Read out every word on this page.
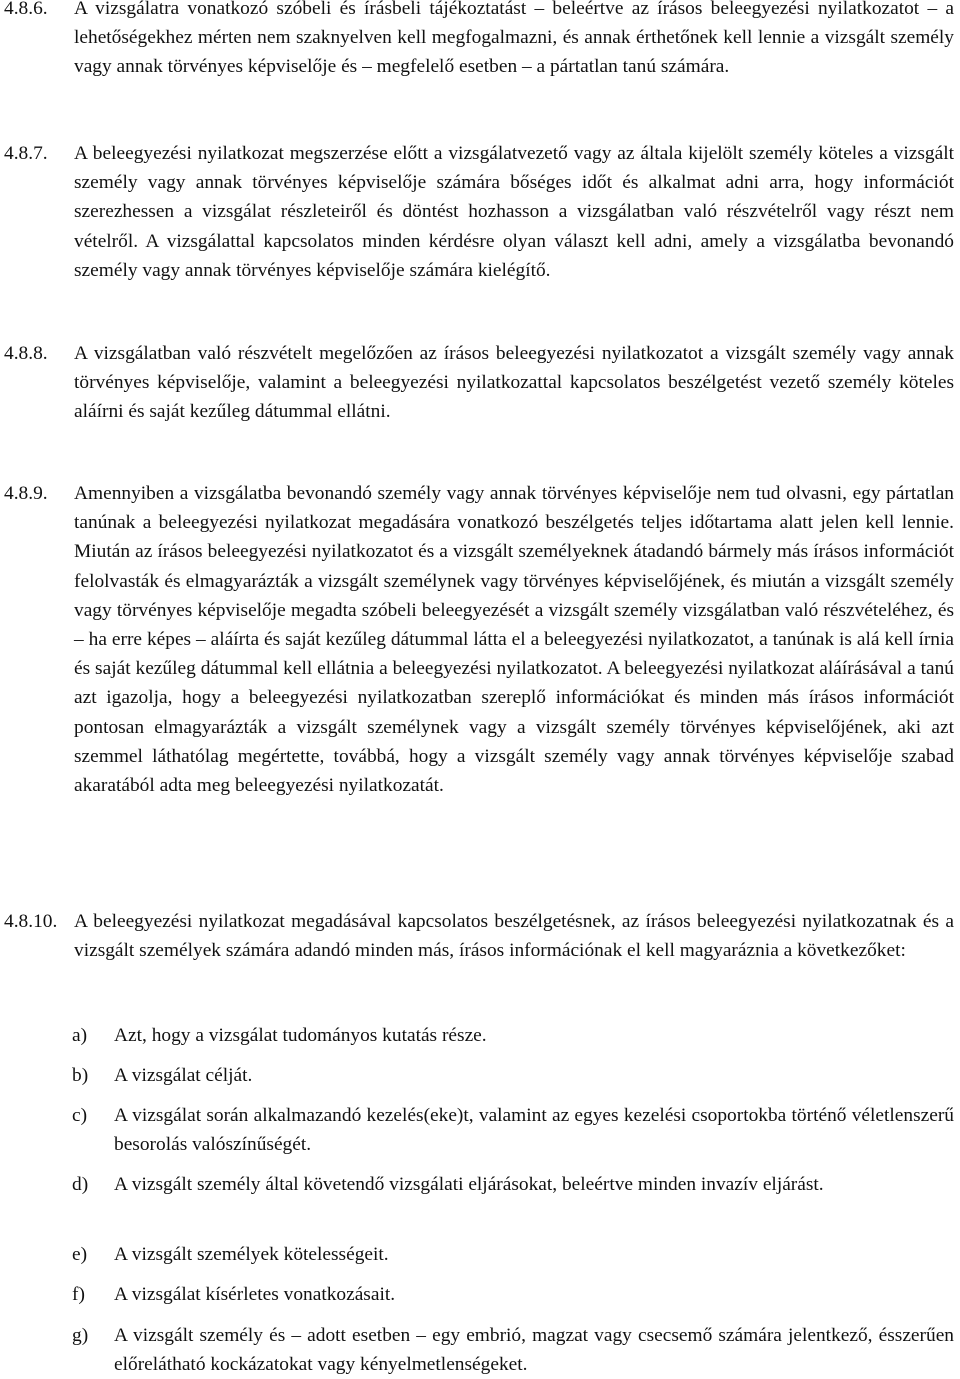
4.8.6. A vizsgálatra vonatkozó szóbeli és írásbeli tájékoztatást – beleértve az írásos beleegyezési nyilatkozatot – a lehetőségekhez mérten nem szaknyelven kell megfogalmazni, és annak érthetőnek kell lennie a vizsgált személy vagy annak törvényes képviselője és – megfelelő esetben – a pártatlan tanú számára.
4.8.7. A beleegyezési nyilatkozat megszerzése előtt a vizsgálatvezető vagy az általa kijelölt személy köteles a vizsgált személy vagy annak törvényes képviselője számára bőséges időt és alkalmat adni arra, hogy információt szerezhessen a vizsgálat részleteiről és döntést hozhasson a vizsgálatban való részvételről vagy részt nem vételről. A vizsgálattal kapcsolatos minden kérdésre olyan választ kell adni, amely a vizsgálatba bevonandó személy vagy annak törvényes képviselője számára kielégítő.
4.8.8. A vizsgálatban való részvételt megelőzően az írásos beleegyezési nyilatkozatot a vizsgált személy vagy annak törvényes képviselője, valamint a beleegyezési nyilatkozattal kapcsolatos beszélgetést vezető személy köteles aláírni és saját kezűleg dátummal ellátni.
4.8.9. Amennyiben a vizsgálatba bevonandó személy vagy annak törvényes képviselője nem tud olvasni, egy pártatlan tanúnak a beleegyezési nyilatkozat megadására vonatkozó beszélgetés teljes időtartama alatt jelen kell lennie. Miután az írásos beleegyezési nyilatkozatot és a vizsgált személyeknek átadandó bármely más írásos információt felolvasták és elmagyarázták a vizsgált személynek vagy törvényes képviselőjének, és miután a vizsgált személy vagy törvényes képviselője megadta szóbeli beleegyezését a vizsgált személy vizsgálatban való részvételéhez, és – ha erre képes – aláírta és saját kezűleg dátummal látta el a beleegyezési nyilatkozatot, a tanúnak is alá kell írnia és saját kezűleg dátummal kell ellátnia a beleegyezési nyilatkozatot. A beleegyezési nyilatkozat aláírásával a tanú azt igazolja, hogy a beleegyezési nyilatkozatban szereplő információkat és minden más írásos információt pontosan elmagyarázták a vizsgált személynek vagy a vizsgált személy törvényes képviselőjének, aki azt szemmel láthatólag megértette, továbbá, hogy a vizsgált személy vagy annak törvényes képviselője szabad akaratából adta meg beleegyezési nyilatkozatát.
4.8.10. A beleegyezési nyilatkozat megadásával kapcsolatos beszélgetésnek, az írásos beleegyezési nyilatkozatnak és a vizsgált személyek számára adandó minden más, írásos információnak el kell magyaráznia a következőket:
a) Azt, hogy a vizsgálat tudományos kutatás része.
b) A vizsgálat célját.
c) A vizsgálat során alkalmazandó kezelés(eke)t, valamint az egyes kezelési csoportokba történő véletlenszerű besorolás valószínűségét.
d) A vizsgált személy által követendő vizsgálati eljárásokat, beleértve minden invazív eljárást.
e) A vizsgált személyek kötelességeit.
f) A vizsgálat kísérletes vonatkozásait.
g) A vizsgált személy és – adott esetben – egy embrió, magzat vagy csecsemő számára jelentkező, ésszerűen előrelátható kockázatokat vagy kényelmetlenségeket.
